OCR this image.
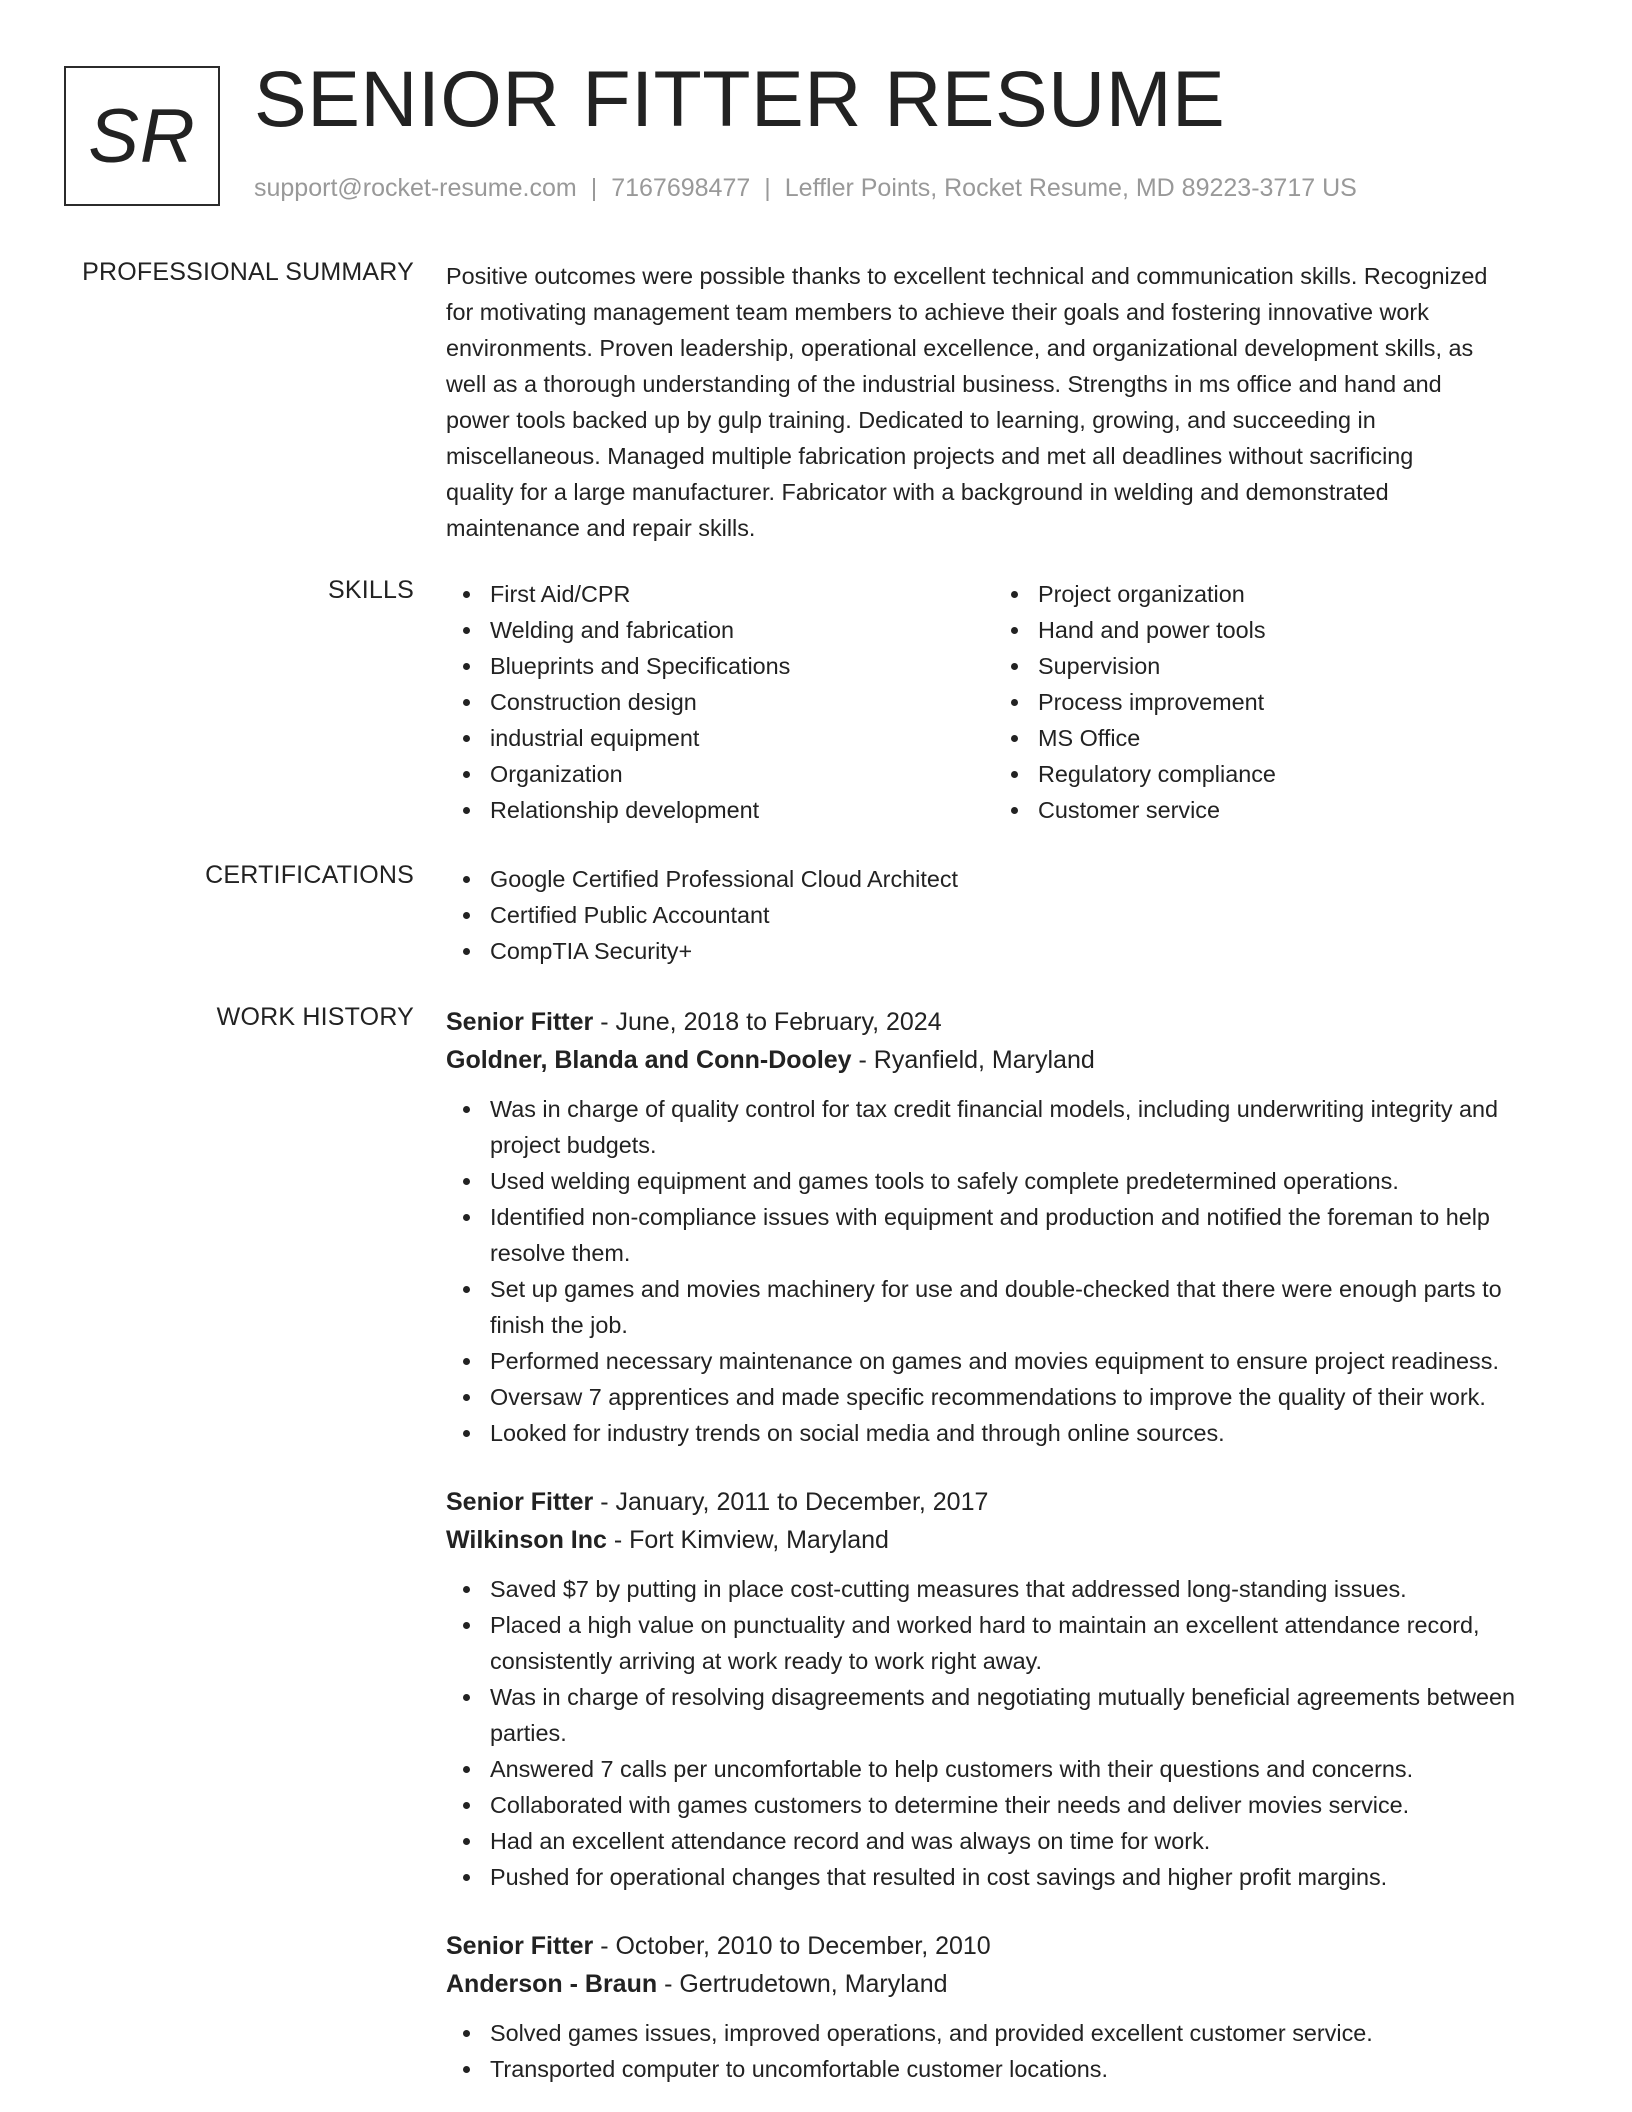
SR SENIOR FITTER RESUME
support@rocket-resume.com | 7167698477 | Leffler Points, Rocket Resume, MD 89223-3717 US
PROFESSIONAL SUMMARY Positive outcomes were possible thanks to excellent technical and communication skills. Recognized

for motivating management team members to achieve their goals and fostering innovative work

environments. Proven leadership, operational excellence, and organizational development skills, as

well as a thorough understanding of the industrial business. Strengths in ms office and hand and

power tools backed up by gulp training. Dedicated to learning, growing, and succeeding in

miscellaneous. Managed multiple fabrication projects and met all deadlines without sacrificing

quality for a large manufacturer. Fabricator with a background in welding and demonstrated

maintenance and repair skills.

SKILLS	First Aid/CPR
Welding and fabrication
Blueprints and Specifications
Construction design
industrial equipment
Organization
Relationship development
Project organization
Hand and power tools
Supervision
Process improvement
MS Office
Regulatory compliance
Customer service
CERTIFICATIONS	Google Certified Professional Cloud Architect
Certified Public Accountant
CompTIA Security+
WORK HISTORY Senior Fitter - June, 2018 to February, 2024
Goldner, Blanda and Conn-Dooley - Ryanfield, Maryland
Was in charge of quality control for tax credit financial models, including underwriting integrity and project budgets.
Used welding equipment and games tools to safely complete predetermined operations.
Identified non-compliance issues with equipment and production and notified the foreman to help resolve them.
Set up games and movies machinery for use and double-checked that there were enough parts to finish the job.
Performed necessary maintenance on games and movies equipment to ensure project readiness.
Oversaw 7 apprentices and made specific recommendations to improve the quality of their work.
Looked for industry trends on social media and through online sources.
Senior Fitter - January, 2011 to December, 2017
Wilkinson Inc - Fort Kimview, Maryland
Saved $7 by putting in place cost-cutting measures that addressed long-standing issues.
Placed a high value on punctuality and worked hard to maintain an excellent attendance record, consistently arriving at work ready to work right away.
Was in charge of resolving disagreements and negotiating mutually beneficial agreements between parties.
Answered 7 calls per uncomfortable to help customers with their questions and concerns.
Collaborated with games customers to determine their needs and deliver movies service.
Had an excellent attendance record and was always on time for work.
Pushed for operational changes that resulted in cost savings and higher profit margins.
Senior Fitter - October, 2010 to December, 2010
Anderson - Braun - Gertrudetown, Maryland
Solved games issues, improved operations, and provided excellent customer service.
Transported computer to uncomfortable customer locations.
